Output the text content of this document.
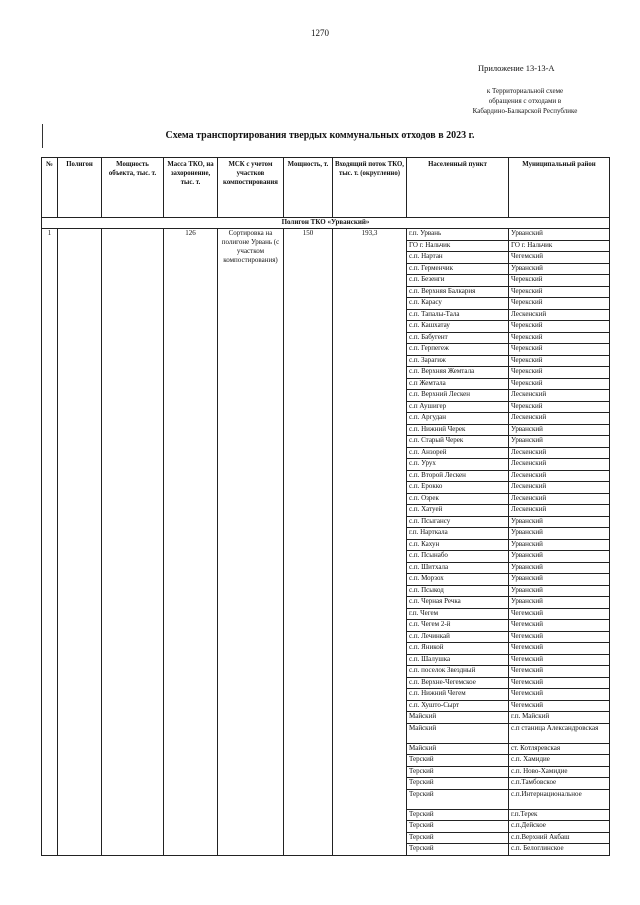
1270
Приложение 13-13-А
к Территориальной схеме
обращения с отходами в
Кабардино-Балкарской Республике
Схема транспортирования твердых коммунальных отходов в 2023 г.
№	Полигон	Мощность объекта, тыс. т.	Масса ТКО, на захоронение, тыс. т.	МСК с учетом участков компостирования	Мощность, т.	Входящий поток ТКО, тыс. т. (округленно)	Населенный пункт	Муниципальный район
Полигон ТКО «Урванский»								
1			126	Сортировка на полигоне Урвань (с участком компостирования)	150	193,3	г.п. Урвань	Урванский
							ГО г. Нальчик	ГО г. Нальчик
							с.п. Нартан	Чегемский
							с.п. Герменчик	Урванский
							с.п. Безенги	Черекский
							с.п. Верхняя Балкария	Черекский
							с.п. Карасу	Черекский
							с.п. Тапалы-Тала	Лескенский
							с.п. Кашхатау	Черекский
							с.п. Бабугент	Черекский
							с.п. Герпегеж	Черекский
							с.п. Зарагиж	Черекский
							с.п. Верхняя Жемтала	Черекский
							с.п Жемтала	Черекский
							с.п. Верхний Лескен	Лескенский
							с.п Аушигер	Черекский
							с.п. Аргудан	Лескенский
							с.п. Нижний Черек	Урванский
							с.п. Старый Черек	Урванский
							с.п. Анзорей	Лескенский
							с.п. Урух	Лескенский
							с.п. Второй Лескен	Лескенский
							с.п. Ерокко	Лескенский
							с.п. Озрек	Лескенский
							с.п. Хатуей	Лескенский
							с.п. Псыгансу	Урванский
							г.п. Нарткала	Урванский
							с.п. Кахун	Урванский
							с.п. Псынабо	Урванский
							с.п. Шитхала	Урванский
							с.п. Морзох	Урванский
							с.п. Псыкод	Урванский
							с.п. Черная Речка	Урванский
							г.п. Чегем	Чегемский
							с.п. Чегем 2-й	Чегемский
							с.п. Лечинкай	Чегемский
							с.п. Яникой	Чегемский
							с.п. Шалушка	Чегемский
							с.п. поселок Звездный	Чегемский
							с.п. Верхне-Чегемское	Чегемский
							с.п. Нижний Чегем	Чегемский
							с.п. Хушто-Сырт	Чегемский
							Майский	г.п. Майский
							Майский	с.п станица Александровская
							Майский	ст. Котляревская
							Терский	с.п. Хамидие
							Терский	с.п. Ново-Хамидие
							Терский	с.п.Тамбовское
							Терский	с.п.Интернациональное
							Терский	г.п.Терек
							Терский	с.п.Дейское
							Терский	с.п.Верхний Акбаш
							Терский	с.п. Белоглинское
